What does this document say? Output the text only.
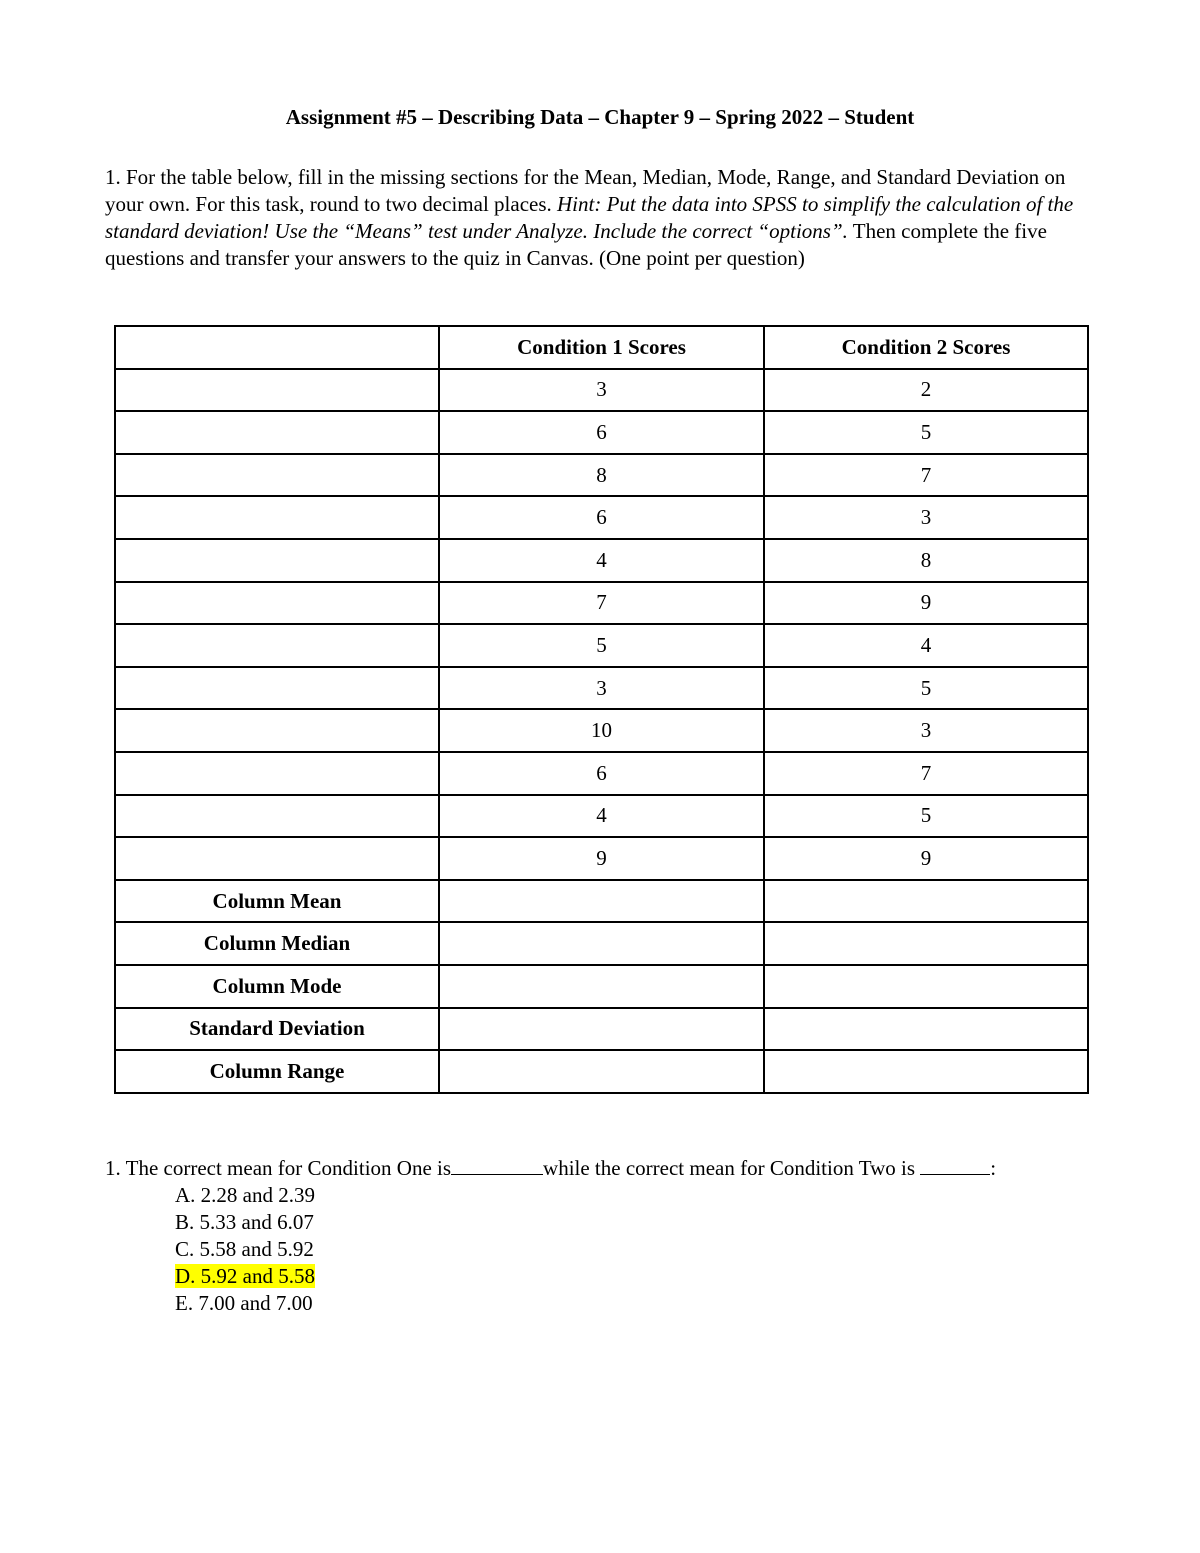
Assignment #5 – Describing Data – Chapter 9 – Spring 2022 – Student
1. For the table below, fill in the missing sections for the Mean, Median, Mode, Range, and Standard Deviation on your own. For this task, round to two decimal places. Hint: Put the data into SPSS to simplify the calculation of the standard deviation! Use the “Means” test under Analyze. Include the correct “options”. Then complete the five questions and transfer your answers to the quiz in Canvas. (One point per question)
	Condition 1 Scores	Condition 2 Scores
	3	2
	6	5
	8	7
	6	3
	4	8
	7	9
	5	4
	3	5
	10	3
	6	7
	4	5
	9	9
Column Mean		
Column Median		
Column Mode		
Standard Deviation		
Column Range		
1. The correct mean for Condition One is	while the correct mean for Condition Two is	:
A. 2.28 and 2.39
B. 5.33 and 6.07
C. 5.58 and 5.92
D. 5.92 and 5.58
E. 7.00 and 7.00
